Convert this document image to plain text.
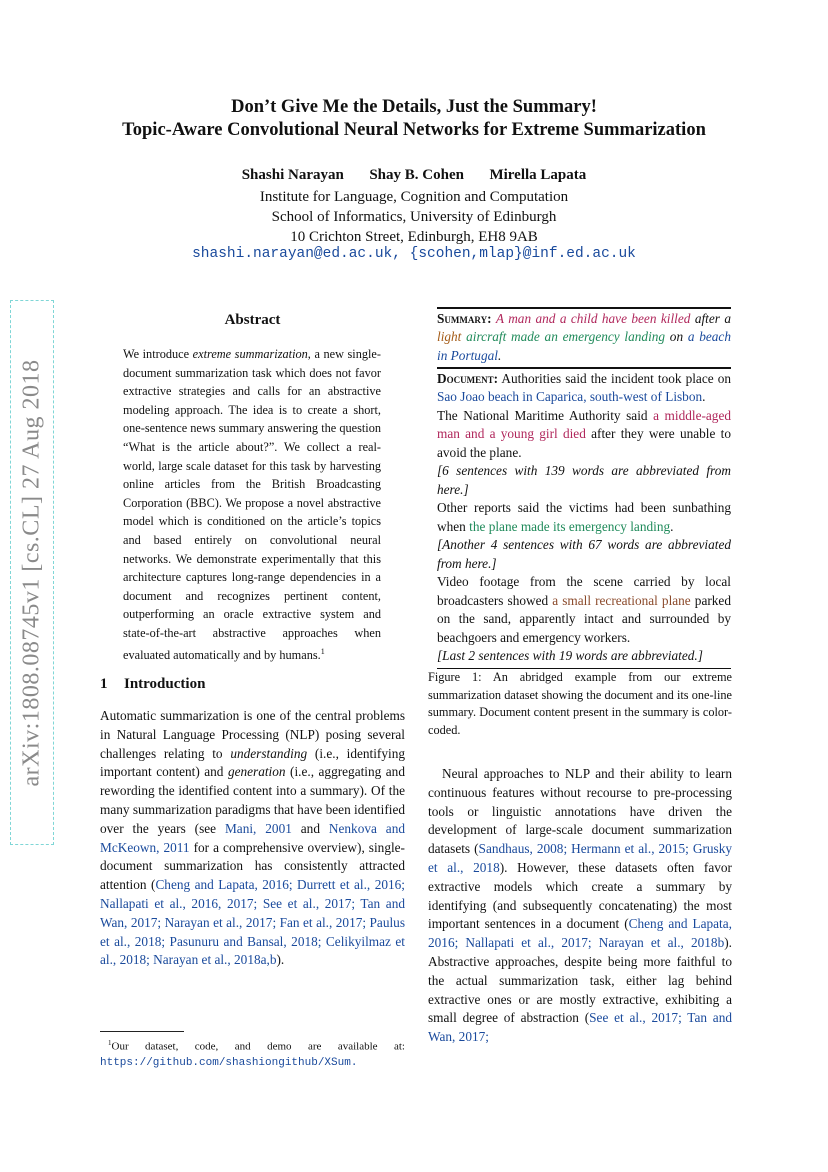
Don’t Give Me the Details, Just the Summary!
Topic-Aware Convolutional Neural Networks for Extreme Summarization
Shashi Narayan Shay B. Cohen Mirella Lapata
Institute for Language, Cognition and Computation
School of Informatics, University of Edinburgh
10 Crichton Street, Edinburgh, EH8 9AB
shashi.narayan@ed.ac.uk, {scohen,mlap}@inf.ed.ac.uk
arXiv:1808.08745v1 [cs.CL] 27 Aug 2018
Abstract
We introduce extreme summarization, a new single-document summarization task which does not favor extractive strategies and calls for an abstractive modeling approach. The idea is to create a short, one-sentence news summary answering the question “What is the article about?”. We collect a real-world, large scale dataset for this task by harvesting online articles from the British Broadcasting Corporation (BBC). We propose a novel abstractive model which is conditioned on the article’s topics and based entirely on convolutional neural networks. We demonstrate experimentally that this architecture captures long-range dependencies in a document and recognizes pertinent content, outperforming an oracle extractive system and state-of-the-art abstractive approaches when evaluated automatically and by humans.$^1$
1 Introduction
Automatic summarization is one of the central problems in Natural Language Processing (NLP) posing several challenges relating to understanding (i.e., identifying important content) and generation (i.e., aggregating and rewording the identified content into a summary). Of the many summarization paradigms that have been identified over the years (see Mani, 2001 and Nenkova and McKeown, 2011 for a comprehensive overview), single-document summarization has consistently attracted attention (Cheng and Lapata, 2016; Durrett et al., 2016; Nallapati et al., 2016, 2017; See et al., 2017; Tan and Wan, 2017; Narayan et al., 2017; Fan et al., 2017; Paulus et al., 2018; Pasunuru and Bansal, 2018; Celikyilmaz et al., 2018; Narayan et al., 2018a,b).
$^1$Our dataset, code, and demo are available at: https://github.com/shashiongithub/XSum.
Summary: A man and a child have been killed after a light aircraft made an emergency landing on a beach in Portugal.

Document: Authorities said the incident took place on Sao Joao beach in Caparica, south-west of Lisbon.

The National Maritime Authority said a middle-aged man and a young girl died after they were unable to avoid the plane.

[6 sentences with 139 words are abbreviated from here.]

Other reports said the victims had been sunbathing when the plane made its emergency landing.

[Another 4 sentences with 67 words are abbreviated from here.]

Video footage from the scene carried by local broadcasters showed a small recreational plane parked on the sand, apparently intact and surrounded by beachgoers and emergency workers.

[Last 2 sentences with 19 words are abbreviated.]

Figure 1: An abridged example from our extreme summarization dataset showing the document and its one-line summary. Document content present in the summary is color-coded.
Neural approaches to NLP and their ability to learn continuous features without recourse to pre-processing tools or linguistic annotations have driven the development of large-scale document summarization datasets (Sandhaus, 2008; Hermann et al., 2015; Grusky et al., 2018). However, these datasets often favor extractive models which create a summary by identifying (and subsequently concatenating) the most important sentences in a document (Cheng and Lapata, 2016; Nallapati et al., 2017; Narayan et al., 2018b). Abstractive approaches, despite being more faithful to the actual summarization task, either lag behind extractive ones or are mostly extractive, exhibiting a small degree of abstraction (See et al., 2017; Tan and Wan, 2017;
